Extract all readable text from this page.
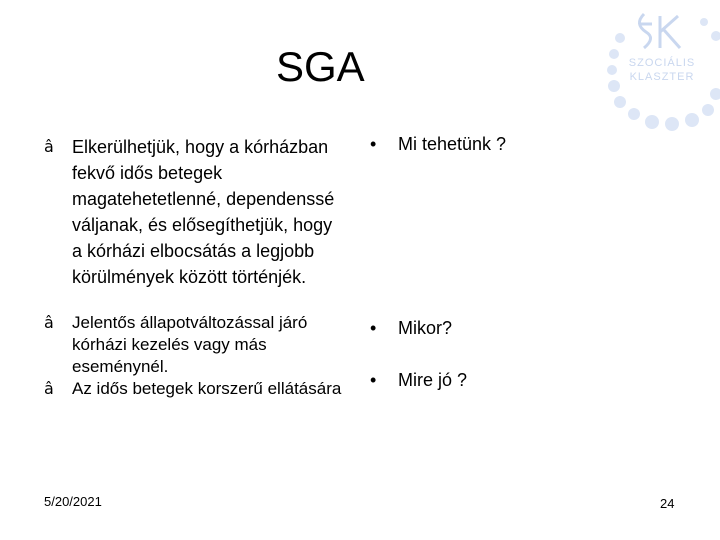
SGA	SZOCIÁLIS
KLASZTER
â Elkerülhetjük, hogy a kórházban fekvő idős betegek magatehetetlenné, dependenssé váljanak, és elősegíthetjük, hogy a kórházi elbocsátás a legjobb körülmények között történjék.
â Jelentős állapotváltozással járó kórházi kezelés vagy más eseménynél.
â Az idős betegek korszerű ellátására
• Mi tehetünk ?
• Mikor?
• Mire jó ?
5/20/2021	24
